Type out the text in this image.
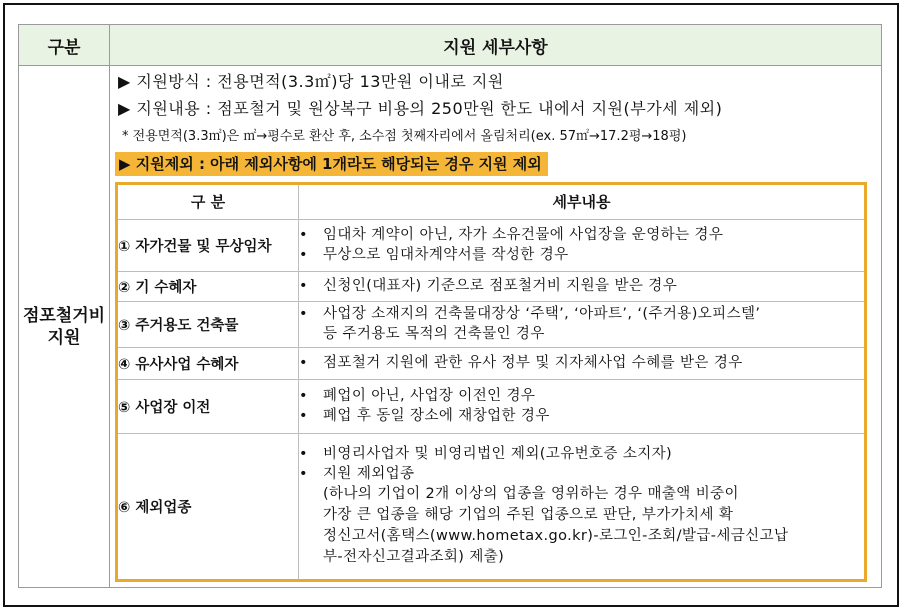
구분	지원 세부사항

점포철거비
지원

▶ 지원방식 : 전용면적(3.3㎡)당 13만원 이내로 지원
▶ 지원내용 : 점포철거 및 원상복구 비용의 250만원 한도 내에서 지원(부가세 제외)
* 전용면적(3.3㎡)은 ㎡→평수로 환산 후, 소수점 첫째자리에서 올림처리(ex. 57㎡→17.2평→18평)
▶ 지원제외 : 아래 제외사항에 1개라도 해당되는 경우 지원 제외
구 분	세부내용
① 자가건물 및 무상임차	
•	임대차 계약이 아닌, 자가 소유건물에 사업장을 운영하는 경우
•	무상으로 임대차계약서를 작성한 경우

② 기 수혜자	•	신청인(대표자) 기준으로 점포철거비 지원을 받은 경우

③ 주거용도 건축물	
•	사업장 소재지의 건축물대장상 ‘주택’, ‘아파트’, ‘(주거용)오피스텔’
등 주거용도 목적의 건축물인 경우

④ 유사사업 수혜자	•	점포철거 지원에 관한 유사 정부 및 지자체사업 수혜를 받은 경우

⑤ 사업장 이전	
•	폐업이 아닌, 사업장 이전인 경우
•	폐업 후 동일 장소에 재창업한 경우

⑥ 제외업종	
•	비영리사업자 및 비영리법인 제외(고유번호증 소지자)
•	지원 제외업종
(하나의 기업이 2개 이상의 업종을 영위하는 경우 매출액 비중이
가장 큰 업종을 해당 기업의 주된 업종으로 판단, 부가가치세 확
정신고서(홈택스(www.hometax.go.kr)-로그인-조회/발급-세금신고납
부-전자신고결과조회) 제출)
